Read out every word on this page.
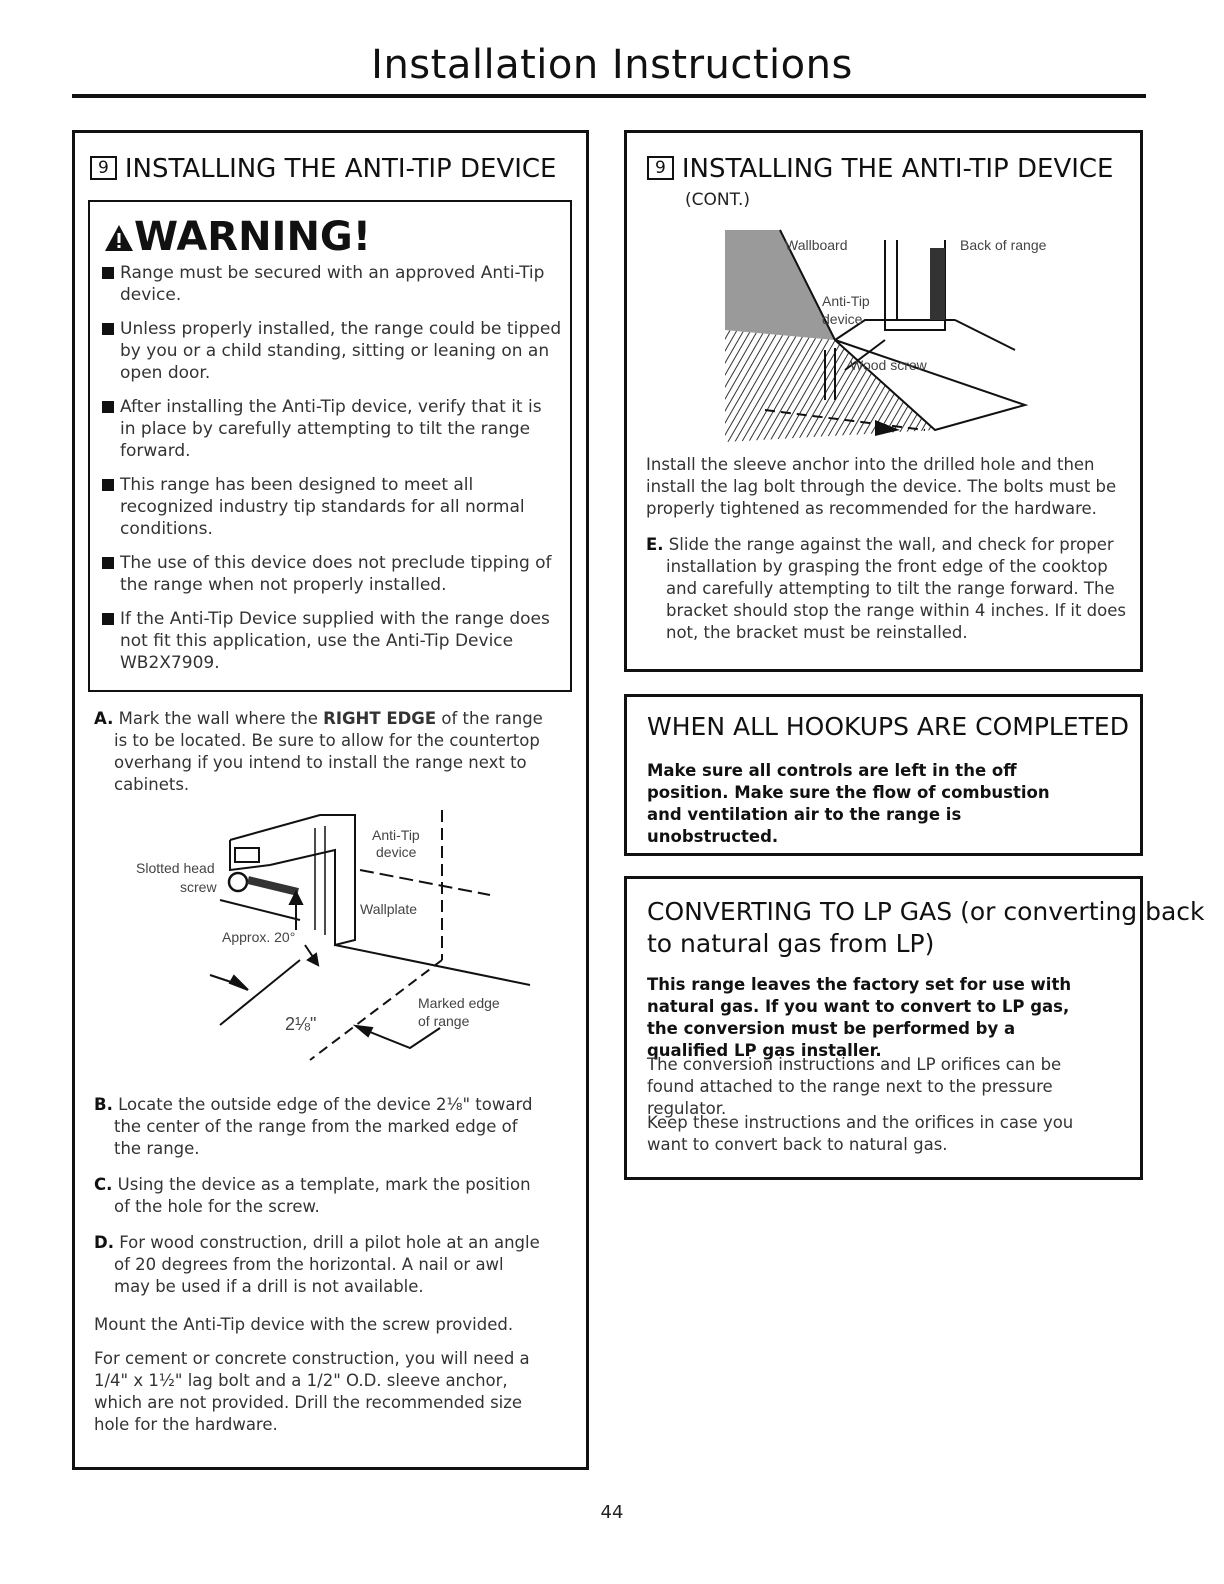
Installation Instructions
9 INSTALLING THE ANTI-TIP DEVICE
WARNING!
Range must be secured with an approved Anti-Tip device.
Unless properly installed, the range could be tipped by you or a child standing, sitting or leaning on an open door.
After installing the Anti-Tip device, verify that it is in place by carefully attempting to tilt the range forward.
This range has been designed to meet all recognized industry tip standards for all normal conditions.
The use of this device does not preclude tipping of the range when not properly installed.
If the Anti-Tip Device supplied with the range does not fit this application, use the Anti-Tip Device WB2X7909.
A. Mark the wall where the RIGHT EDGE of the range is to be located. Be sure to allow for the countertop overhang if you intend to install the range next to cabinets.
Anti-Tip
device
Slotted head
screw
Wallplate
Approx. 20°
2⅛"
Marked edge
of range
B. Locate the outside edge of the device 2⅛" toward the center of the range from the marked edge of the range.
C. Using the device as a template, mark the position of the hole for the screw.
D. For wood construction, drill a pilot hole at an angle of 20 degrees from the horizontal. A nail or awl may be used if a drill is not available.
Mount the Anti-Tip device with the screw provided.
For cement or concrete construction, you will need a 1/4" x 1½" lag bolt and a 1/2" O.D. sleeve anchor, which are not provided. Drill the recommended size hole for the hardware.
9 INSTALLING THE ANTI-TIP DEVICE
(CONT.)
Wallboard	Back of range
Anti-Tip
device
Wood screw
Install the sleeve anchor into the drilled hole and then install the lag bolt through the device. The bolts must be properly tightened as recommended for the hardware.
E. Slide the range against the wall, and check for proper installation by grasping the front edge of the cooktop and carefully attempting to tilt the range forward. The bracket should stop the range within 4 inches. If it does not, the bracket must be reinstalled.
WHEN ALL HOOKUPS ARE COMPLETED
Make sure all controls are left in the off position. Make sure the flow of combustion and ventilation air to the range is unobstructed.
CONVERTING TO LP GAS (or converting back
to natural gas from LP)
This range leaves the factory set for use with natural gas. If you want to convert to LP gas, the conversion must be performed by a qualified LP gas installer.
The conversion instructions and LP orifices can be found attached to the range next to the pressure regulator.
Keep these instructions and the orifices in case you want to convert back to natural gas.
44
